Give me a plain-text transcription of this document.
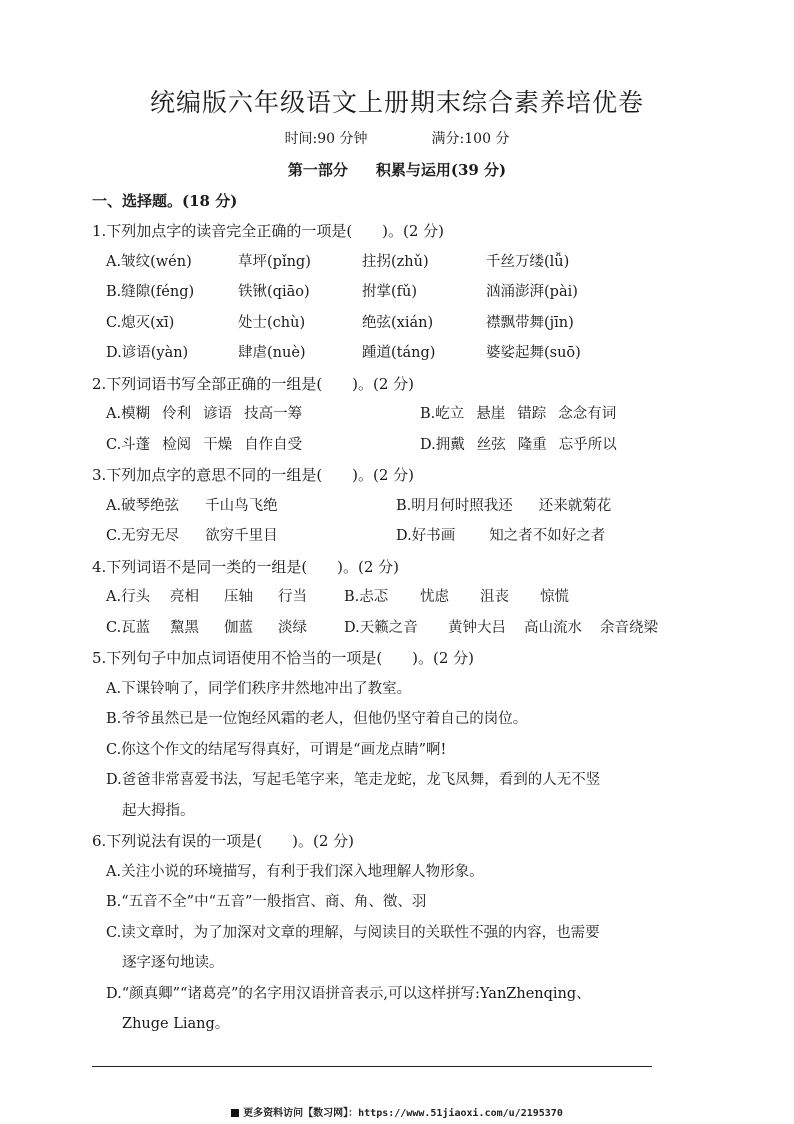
统编版六年级语文上册期末综合素养培优卷
时间:90 分钟	满分:100 分
第一部分 积累与运用(39 分)
一、选择题。(18 分)
1.下列加点字的读音完全正确的一项是(　　)。(2 分)
A.皱纹(wén)	草坪(pǐng)	拄拐(zhǔ)	千丝万缕(lǚ)
B.缝隙(féng)	铁锹(qiāo)	拊掌(fǔ)	汹涌澎湃(pài)
C.熄灭(xī)	处士(chù)	绝弦(xián)	襟飘带舞(jīn)
D.谚语(yàn)	肆虐(nuè)	踵道(táng)	婆娑起舞(suō)
2.下列词语书写全部正确的一组是(　　)。(2 分)
A.模糊 伶利 谚语 技高一筹	B.屹立 悬崖 错踪 念念有词
C.斗蓬 检阅 干燥 自作自受	D.拥戴 丝弦 隆重 忘乎所以
3.下列加点字的意思不同的一组是(　　)。(2 分)
A.破琴绝弦 千山鸟飞绝	B.明月何时照我还 还来就菊花
C.无穷无尽 欲穷千里目	D.好书画 知之者不如好之者
4.下列词语不是同一类的一组是(　　)。(2 分)
A.行头 亮相 压轴 行当	B.忐忑 忧虑 沮丧 惊慌
C.瓦蓝 黧黑 伽蓝 淡绿	D.天籁之音 黄钟大吕 高山流水 余音绕梁
5.下列句子中加点词语使用不恰当的一项是(　　)。(2 分)
A.下课铃响了，同学们秩序井然地冲出了教室。
B.爷爷虽然已是一位饱经风霜的老人，但他仍坚守着自己的岗位。
C.你这个作文的结尾写得真好，可谓是“画龙点睛”啊!
D.爸爸非常喜爱书法，写起毛笔字来，笔走龙蛇，龙飞凤舞，看到的人无不竖
起大拇指。
6.下列说法有误的一项是(　　)。(2 分)
A.关注小说的环境描写，有利于我们深入地理解人物形象。
B.“五音不全”中“五音”一般指宫、商、角、徵、羽
C.读文章时，为了加深对文章的理解，与阅读目的关联性不强的内容，也需要
逐字逐句地读。
D.“颜真卿”“诸葛亮”的名字用汉语拼音表示,可以这样拼写:YanZhenqing、
Zhuge Liang。
更多资料访问【数习网】：https://www.51jiaoxi.com/u/2195370
